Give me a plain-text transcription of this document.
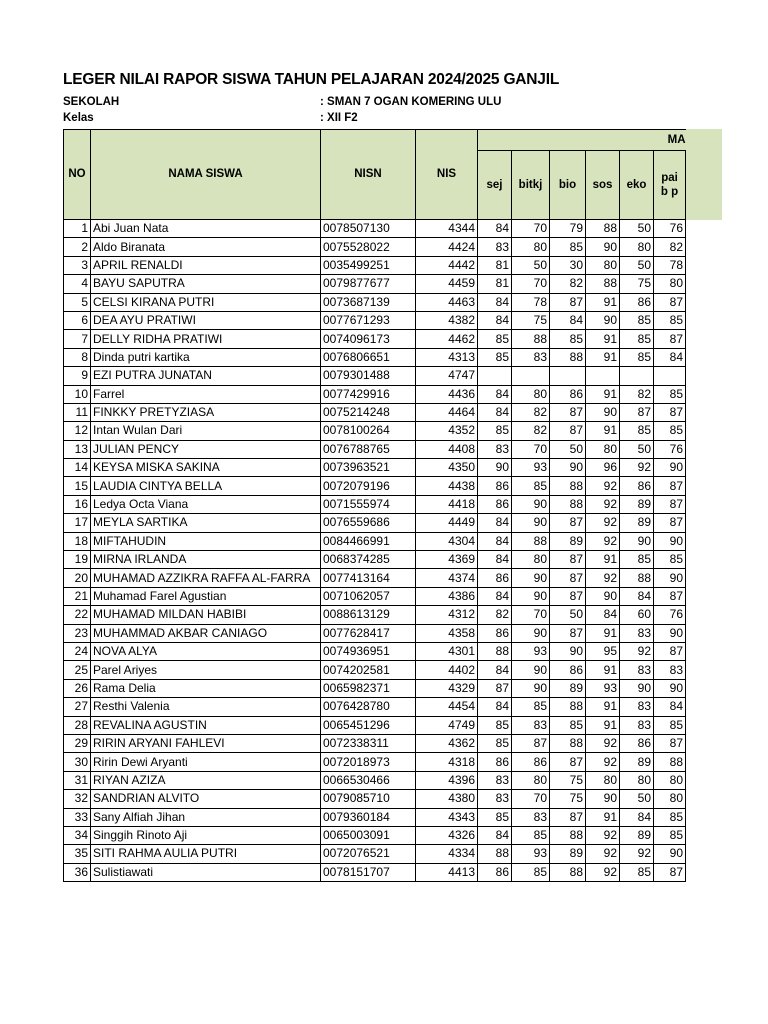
LEGER NILAI RAPOR SISWA TAHUN PELAJARAN 2024/2025 GANJIL
SEKOLAH	: SMAN 7 OGAN KOMERING ULU
Kelas	: XII F2
NO	NAMA SISWA	NISN	NIS	MA					
				sej	bitkj	bio	sos	eko	paib p
1	Abi Juan Nata	0078507130	4344	84	70	79	88	50	76
2	Aldo Biranata	0075528022	4424	83	80	85	90	80	82
3	APRIL RENALDI	0035499251	4442	81	50	30	80	50	78
4	BAYU SAPUTRA	0079877677	4459	81	70	82	88	75	80
5	CELSI KIRANA PUTRI	0073687139	4463	84	78	87	91	86	87
6	DEA AYU PRATIWI	0077671293	4382	84	75	84	90	85	85
7	DELLY RIDHA PRATIWI	0074096173	4462	85	88	85	91	85	87
8	Dinda putri kartika	0076806651	4313	85	83	88	91	85	84
9	EZI PUTRA JUNATAN	0079301488	4747						
10	Farrel	0077429916	4436	84	80	86	91	82	85
11	FINKKY PRETYZIASA	0075214248	4464	84	82	87	90	87	87
12	Intan Wulan Dari	0078100264	4352	85	82	87	91	85	85
13	JULIAN PENCY	0076788765	4408	83	70	50	80	50	76
14	KEYSA MISKA SAKINA	0073963521	4350	90	93	90	96	92	90
15	LAUDIA CINTYA BELLA	0072079196	4438	86	85	88	92	86	87
16	Ledya Octa Viana	0071555974	4418	86	90	88	92	89	87
17	MEYLA SARTIKA	0076559686	4449	84	90	87	92	89	87
18	MIFTAHUDIN	0084466991	4304	84	88	89	92	90	90
19	MIRNA IRLANDA	0068374285	4369	84	80	87	91	85	85
20	MUHAMAD AZZIKRA RAFFA AL-FARRA	0077413164	4374	86	90	87	92	88	90
21	Muhamad Farel Agustian	0071062057	4386	84	90	87	90	84	87
22	MUHAMAD MILDAN HABIBI	0088613129	4312	82	70	50	84	60	76
23	MUHAMMAD AKBAR CANIAGO	0077628417	4358	86	90	87	91	83	90
24	NOVA ALYA	0074936951	4301	88	93	90	95	92	87
25	Parel Ariyes	0074202581	4402	84	90	86	91	83	83
26	Rama Delia	0065982371	4329	87	90	89	93	90	90
27	Resthi Valenia	0076428780	4454	84	85	88	91	83	84
28	REVALINA AGUSTIN	0065451296	4749	85	83	85	91	83	85
29	RIRIN ARYANI FAHLEVI	0072338311	4362	85	87	88	92	86	87
30	Ririn Dewi Aryanti	0072018973	4318	86	86	87	92	89	88
31	RIYAN AZIZA	0066530466	4396	83	80	75	80	80	80
32	SANDRIAN ALVITO	0079085710	4380	83	70	75	90	50	80
33	Sany Alfiah Jihan	0079360184	4343	85	83	87	91	84	85
34	Singgih Rinoto Aji	0065003091	4326	84	85	88	92	89	85
35	SITI RAHMA AULIA PUTRI	0072076521	4334	88	93	89	92	92	90
36	Sulistiawati	0078151707	4413	86	85	88	92	85	87
